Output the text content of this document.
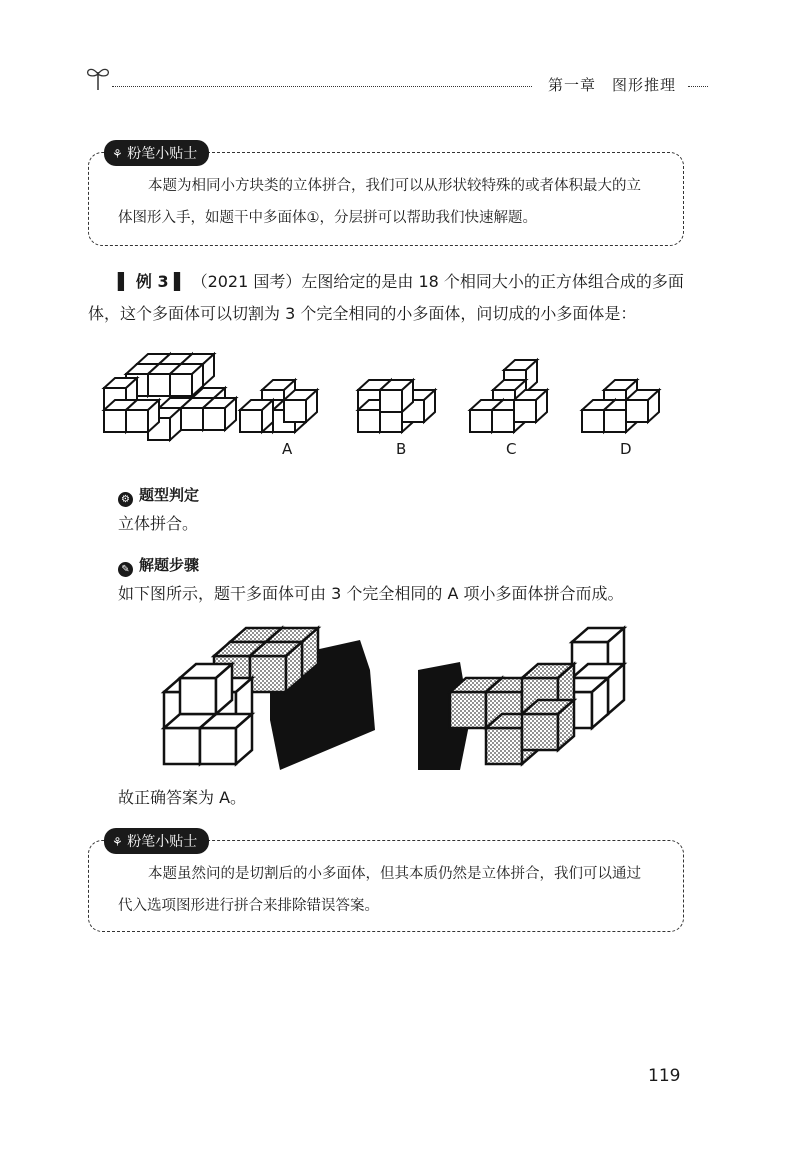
第一章　图形推理
⚘ 粉笔小贴士
本题为相同小方块类的立体拼合，我们可以从形状较特殊的或者体积最大的立
体图形入手，如题干中多面体①，分层拼可以帮助我们快速解题。
▌ 例 3 ▌ （2021 国考）左图给定的是由 18 个相同大小的正方体组合成的多面
体，这个多面体可以切割为 3 个完全相同的小多面体，问切成的小多面体是：
A	B	C	D
⚙ 题型判定
立体拼合。
✎ 解题步骤
如下图所示，题干多面体可由 3 个完全相同的 A 项小多面体拼合而成。
故正确答案为 A。
⚘ 粉笔小贴士
本题虽然问的是切割后的小多面体，但其本质仍然是立体拼合，我们可以通过
代入选项图形进行拼合来排除错误答案。
119
